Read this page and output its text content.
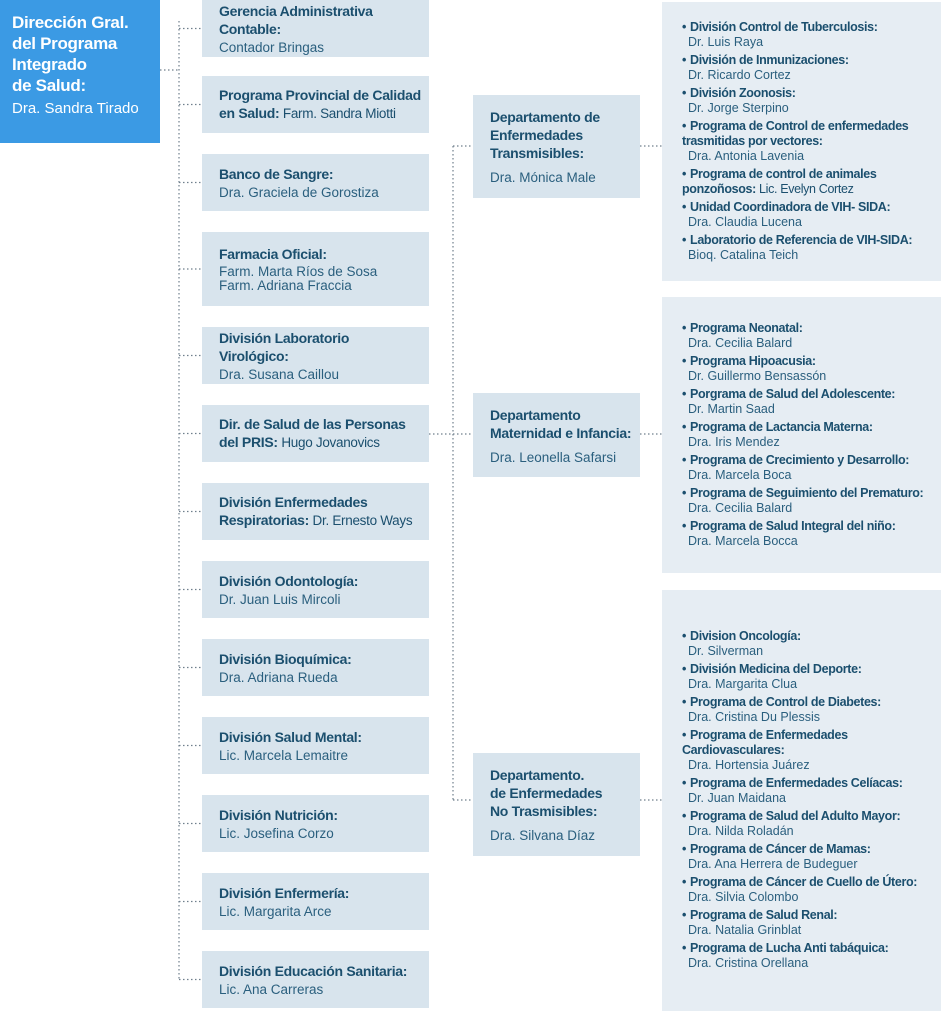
Dirección Gral.
del Programa
Integrado
de Salud:
Dra. Sandra Tirado
Gerencia Administrativa Contable:
Contador Bringas
Programa Provincial de Calidad en Salud: Farm. Sandra Miotti
Banco de Sangre:
Dra. Graciela de Gorostiza
Farmacia Oficial:
Farm. Marta Ríos de Sosa
Farm. Adriana Fraccia
División Laboratorio Virológico:
Dra. Susana Caillou
Dir. de Salud de las Personas del PRIS: Hugo Jovanovics
División Enfermedades Respiratorias: Dr. Ernesto Ways
División Odontología:
Dr. Juan Luis Mircoli
División Bioquímica:
Dra. Adriana Rueda
División Salud Mental:
Lic. Marcela Lemaitre
División Nutrición:
Lic. Josefina Corzo
División Enfermería:
Lic. Margarita Arce
División Educación Sanitaria:
Lic. Ana Carreras
Departamento de
Enfermedades
Transmisibles:
Dra. Mónica Male
Departamento
Maternidad e Infancia:
Dra. Leonella Safarsi
Departamento.
de Enfermedades
No Trasmisibles:
Dra. Silvana Díaz
• División Control de Tuberculosis:
Dr. Luis Raya
• División de Inmunizaciones:
Dr. Ricardo Cortez
• División Zoonosis:
Dr. Jorge Sterpino
• Programa de Control de enfermedades
trasmitidas por vectores:
Dra. Antonia Lavenia
• Programa de control de animales
ponzoñosos: Lic. Evelyn Cortez
• Unidad Coordinadora de VIH- SIDA:
Dra. Claudia Lucena
• Laboratorio de Referencia de VIH-SIDA:
Bioq. Catalina Teich
• Programa Neonatal:
Dra. Cecilia Balard
• Programa Hipoacusia:
Dr. Guillermo Bensassón
• Porgrama de Salud del Adolescente:
Dr. Martin Saad
• Programa de Lactancia Materna:
Dra. Iris Mendez
• Programa de Crecimiento y Desarrollo:
Dra. Marcela Boca
• Programa de Seguimiento del Prematuro:
Dra. Cecilia Balard
• Programa de Salud Integral del niño:
Dra. Marcela Bocca
• Division Oncología:
Dr. Silverman
• División Medicina del Deporte:
Dra. Margarita Clua
• Programa de Control de Diabetes:
Dra. Cristina Du Plessis
• Programa de Enfermedades
Cardiovasculares:
Dra. Hortensia Juárez
• Programa de Enfermedades Celíacas:
Dr. Juan Maidana
• Programa de Salud del Adulto Mayor:
Dra. Nilda Roladán
• Programa de Cáncer de Mamas:
Dra. Ana Herrera de Budeguer
• Programa de Cáncer de Cuello de Útero:
Dra. Silvia Colombo
• Programa de Salud Renal:
Dra. Natalia Grinblat
• Programa de Lucha Anti tabáquica:
Dra. Cristina Orellana
